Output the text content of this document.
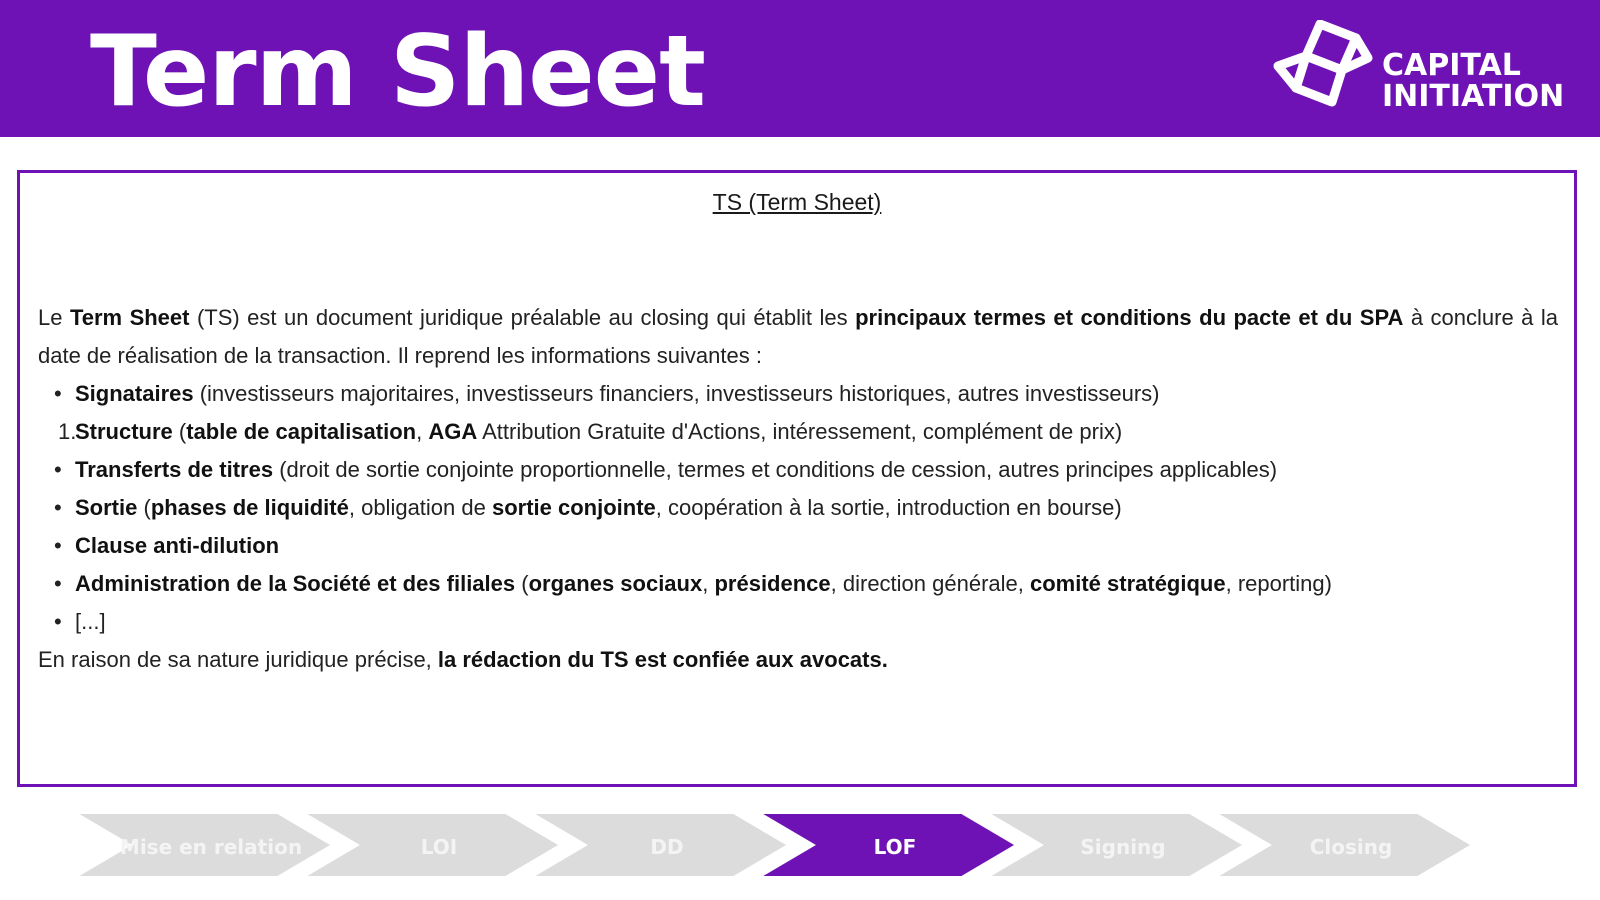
Term Sheet	CAPITAL
INITIATION
TS (Term Sheet)

Le Term Sheet (TS) est un document juridique préalable au closing qui établit les principaux termes et conditions du pacte et du SPA à conclure à la date de réalisation de la transaction. Il reprend les informations suivantes :

• Signataires (investisseurs majoritaires, investisseurs financiers, investisseurs historiques, autres investisseurs)
1.
Structure (table de capitalisation, AGA Attribution Gratuite d'Actions, intéressement, complément de prix)
• Transferts de titres (droit de sortie conjointe proportionnelle, termes et conditions de cession, autres principes applicables)
• Sortie (phases de liquidité, obligation de sortie conjointe, coopération à la sortie, introduction en bourse)
• Clause anti-dilution
• Administration de la Société et des filiales (organes sociaux, présidence, direction générale, comité stratégique, reporting)
• [...]

En raison de sa nature juridique précise, la rédaction du TS est confiée aux avocats.

Mise en relation	LOI	DD	LOF	Signing	Closing
